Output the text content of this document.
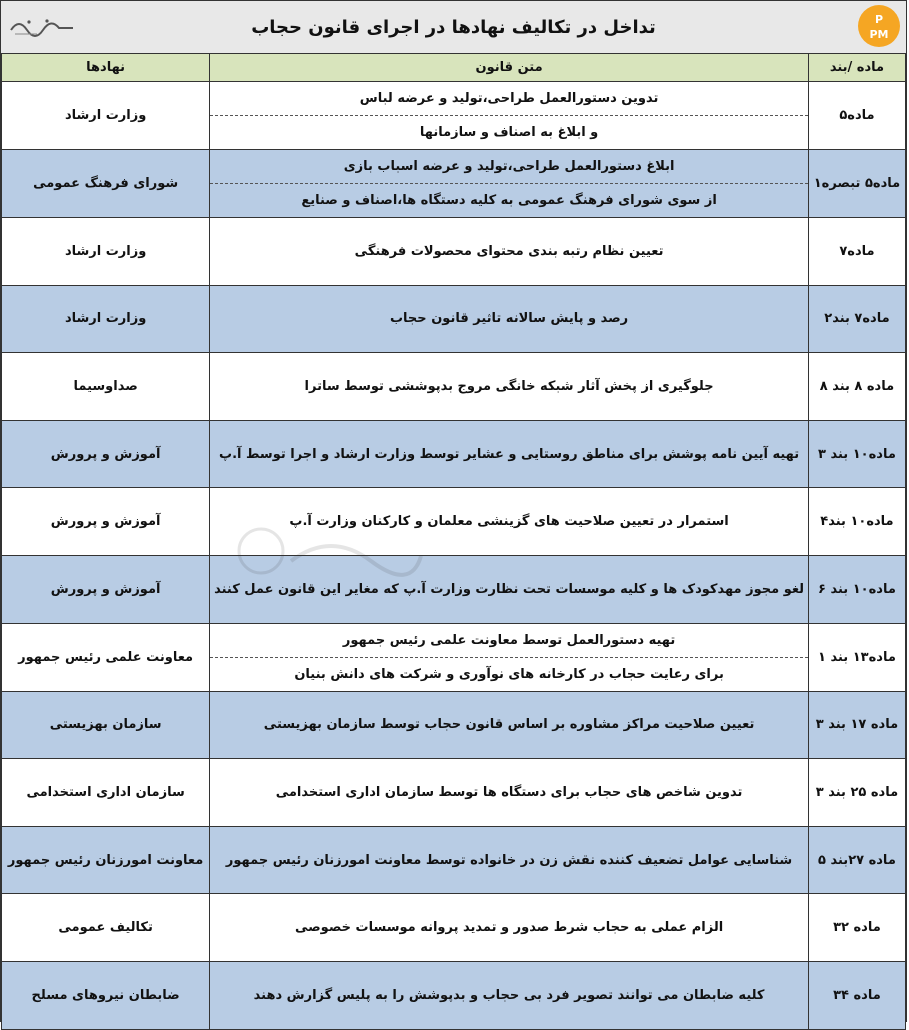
تداخل در تکالیف نهادها در اجرای قانون حجاب	P
PM
ماده /بند	متن قانون	نهادها
ماده۵	تدوین دستورالعمل طراحی،تولید و عرضه لباس
و ابلاغ به اصناف و سازمانها	وزارت ارشاد
ماده۵ تبصره۱	ابلاغ دستورالعمل طراحی،تولید و عرضه اسباب بازی
از سوی شورای فرهنگ عمومی به کلیه دستگاه ها،اصناف و صنایع	شورای فرهنگ عمومی
ماده۷	تعیین نظام رتبه بندی محتوای محصولات فرهنگی	وزارت ارشاد
ماده۷ بند۲	رصد و پایش سالانه تاثیر قانون حجاب	وزارت ارشاد
ماده ۸ بند ۸	جلوگیری از پخش آثار شبکه خانگی مروج بدپوششی توسط ساترا	صداوسیما
ماده۱۰ بند ۳	تهیه آیین نامه پوشش برای مناطق روستایی و عشایر توسط وزارت ارشاد و اجرا توسط آ.پ	آموزش و پرورش
ماده۱۰ بند۴	استمرار در تعیین صلاحیت های گزینشی معلمان و کارکنان وزارت آ.پ	آموزش و پرورش
ماده۱۰ بند ۶	لغو مجوز مهدکودک ها و کلیه موسسات تحت نظارت وزارت آ.پ که مغایر این قانون عمل کنند	آموزش و پرورش
ماده۱۳ بند ۱	تهیه دستورالعمل توسط معاونت علمی رئیس جمهور
برای رعایت حجاب در کارخانه های نوآوری و شرکت های دانش بنیان	معاونت علمی رئیس جمهور
ماده ۱۷ بند ۳	تعیین صلاحیت مراکز مشاوره بر اساس قانون حجاب توسط سازمان بهزیستی	سازمان بهزیستی
ماده ۲۵ بند ۳	تدوین شاخص های حجاب برای دستگاه ها توسط سازمان اداری استخدامی	سازمان اداری استخدامی
ماده ۲۷بند ۵	شناسایی عوامل تضعیف کننده نقش زن در خانواده توسط معاونت امورزنان رئیس جمهور	معاونت امورزنان رئیس جمهور
ماده ۳۲	الزام عملی به حجاب شرط صدور و تمدید پروانه موسسات خصوصی	تکالیف عمومی
ماده ۳۴	کلیه ضابطان می توانند تصویر فرد بی حجاب و بدپوشش را به پلیس گزارش دهند	ضابطان نیروهای مسلح
